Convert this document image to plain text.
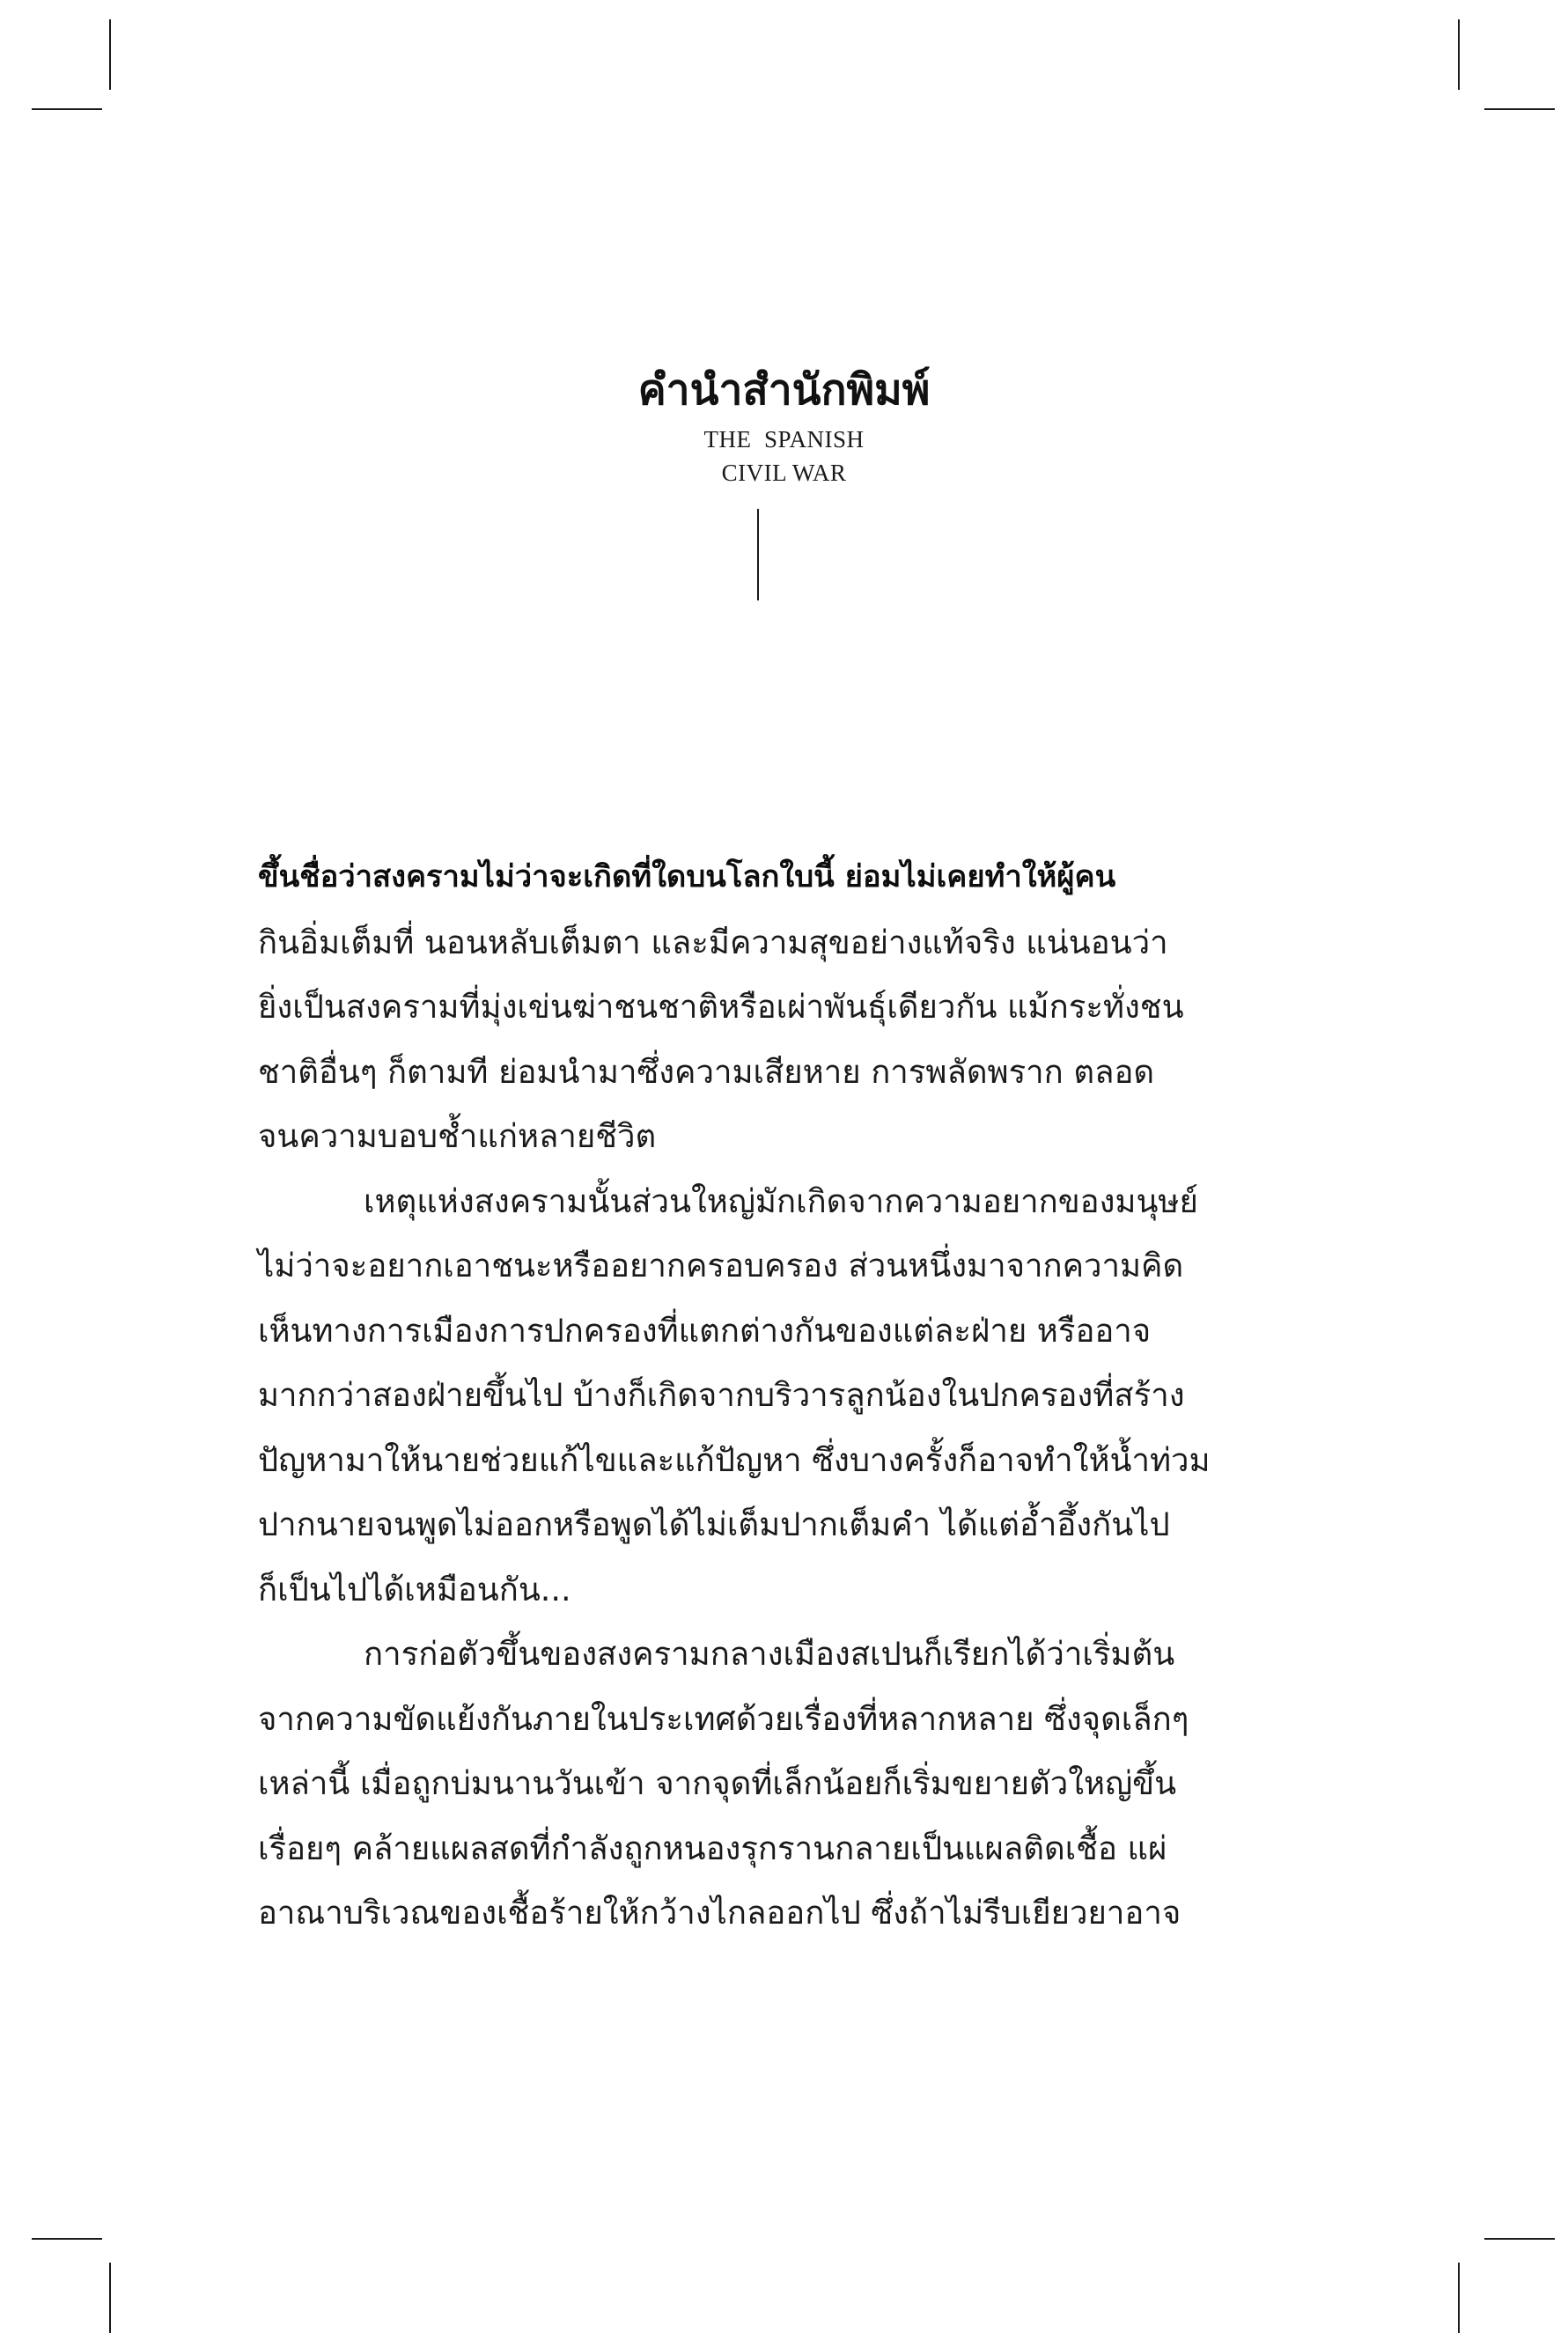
คำนำสำนักพิมพ์
THE  SPANISH
CIVIL WAR
ขึ้นชื่อว่าสงครามไม่ว่าจะเกิดที่ใดบนโลกใบนี้ ย่อมไม่เคยทำให้ผู้คน
กินอิ่มเต็มที่ นอนหลับเต็มตา และมีความสุขอย่างแท้จริง แน่นอนว่า
ยิ่งเป็นสงครามที่มุ่งเข่นฆ่าชนชาติหรือเผ่าพันธุ์เดียวกัน แม้กระทั่งชน
ชาติอื่นๆ ก็ตามที ย่อมนำมาซึ่งความเสียหาย การพลัดพราก ตลอด
จนความบอบช้ำแก่หลายชีวิต
เหตุแห่งสงครามนั้นส่วนใหญ่มักเกิดจากความอยากของมนุษย์
ไม่ว่าจะอยากเอาชนะหรืออยากครอบครอง ส่วนหนึ่งมาจากความคิด
เห็นทางการเมืองการปกครองที่แตกต่างกันของแต่ละฝ่าย หรืออาจ
มากกว่าสองฝ่ายขึ้นไป บ้างก็เกิดจากบริวารลูกน้องในปกครองที่สร้าง
ปัญหามาให้นายช่วยแก้ไขและแก้ปัญหา ซึ่งบางครั้งก็อาจทำให้น้ำท่วม
ปากนายจนพูดไม่ออกหรือพูดได้ไม่เต็มปากเต็มคำ ได้แต่อ้ำอึ้งกันไป
ก็เป็นไปได้เหมือนกัน...
การก่อตัวขึ้นของสงครามกลางเมืองสเปนก็เรียกได้ว่าเริ่มต้น
จากความขัดแย้งกันภายในประเทศด้วยเรื่องที่หลากหลาย ซึ่งจุดเล็กๆ
เหล่านี้ เมื่อถูกบ่มนานวันเข้า จากจุดที่เล็กน้อยก็เริ่มขยายตัวใหญ่ขึ้น
เรื่อยๆ คล้ายแผลสดที่กำลังถูกหนองรุกรานกลายเป็นแผลติดเชื้อ แผ่
อาณาบริเวณของเชื้อร้ายให้กว้างไกลออกไป ซึ่งถ้าไม่รีบเยียวยาอาจ
